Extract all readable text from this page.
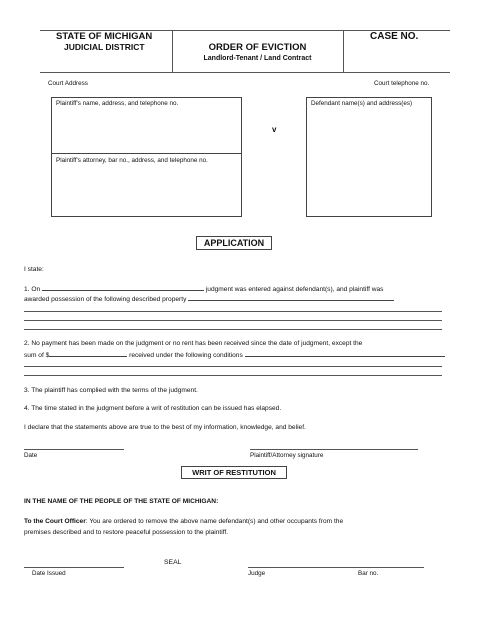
STATE OF MICHIGAN
JUDICIAL DISTRICT	ORDER OF EVICTION
Landlord-Tenant / Land Contract
CASE NO.
Court Address	Court telephone no.
Plaintiff's name, address, and telephone no.
Plaintiff's attorney, bar no., address, and telephone no.
v
Defendant name(s) and address(es)
APPLICATION
I state:
1. On	judgment was entered against defendant(s), and plaintiff was
awarded possession of the following described property
2. No payment has been made on the judgment or no rent has been received since the date of judgment, except the
sum of $	received under the following conditions
3. The plaintiff has complied with the terms of the judgment.
4. The time stated in the judgment before a writ of restitution can be issued has elapsed.
I declare that the statements above are true to the best of my information, knowledge, and belief.
Date	Plaintiff/Attorney signature
WRIT OF RESTITUTION
IN THE NAME OF THE PEOPLE OF THE STATE OF MICHIGAN:
To the Court Officer: You are ordered to remove the above name defendant(s) and other occupants from the
premises described and to restore peaceful possession to the plaintiff.
SEAL
Date Issued	Judge	Bar no.
